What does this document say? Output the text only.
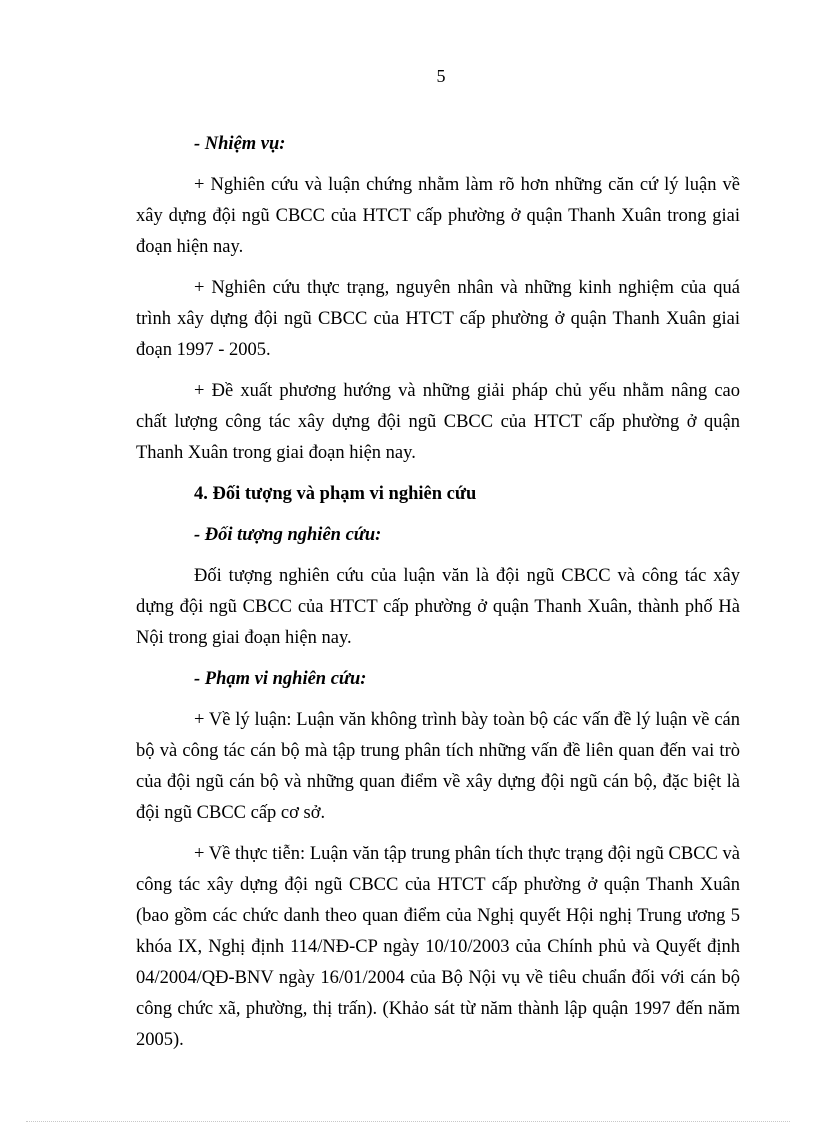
5

- Nhiệm vụ:

+ Nghiên cứu và luận chứng nhằm làm rõ hơn những căn cứ lý luận về xây dựng đội ngũ CBCC của HTCT cấp phường ở quận Thanh Xuân trong giai đoạn hiện nay.

+ Nghiên cứu thực trạng, nguyên nhân và những kinh nghiệm của quá trình xây dựng đội ngũ CBCC của HTCT cấp phường ở quận Thanh Xuân giai đoạn 1997 - 2005.

+ Đề xuất phương hướng và những giải pháp chủ yếu nhằm nâng cao chất lượng công tác xây dựng đội ngũ CBCC của HTCT cấp phường ở quận Thanh Xuân trong giai đoạn hiện nay.

4. Đối tượng và phạm vi nghiên cứu

- Đối tượng nghiên cứu:

Đối tượng nghiên cứu của luận văn là đội ngũ CBCC và công tác xây dựng đội ngũ CBCC của HTCT cấp phường ở quận Thanh Xuân, thành phố Hà Nội trong giai đoạn hiện nay.

- Phạm vi nghiên cứu:

+ Về lý luận: Luận văn không trình bày toàn bộ các vấn đề lý luận về cán bộ và công tác cán bộ mà tập trung phân tích những vấn đề liên quan đến vai trò của đội ngũ cán bộ và những quan điểm về xây dựng đội ngũ cán bộ, đặc biệt là đội ngũ CBCC cấp cơ sở.

+ Về thực tiễn: Luận văn tập trung phân tích thực trạng đội ngũ CBCC và công tác xây dựng đội ngũ CBCC của HTCT cấp phường ở quận Thanh Xuân (bao gồm các chức danh theo quan điểm của Nghị quyết Hội nghị Trung ương 5 khóa IX, Nghị định 114/NĐ-CP ngày 10/10/2003 của Chính phủ và Quyết định 04/2004/QĐ-BNV ngày 16/01/2004 của Bộ Nội vụ về tiêu chuẩn đối với cán bộ công chức xã, phường, thị trấn). (Khảo sát từ năm thành lập quận 1997 đến năm 2005).
